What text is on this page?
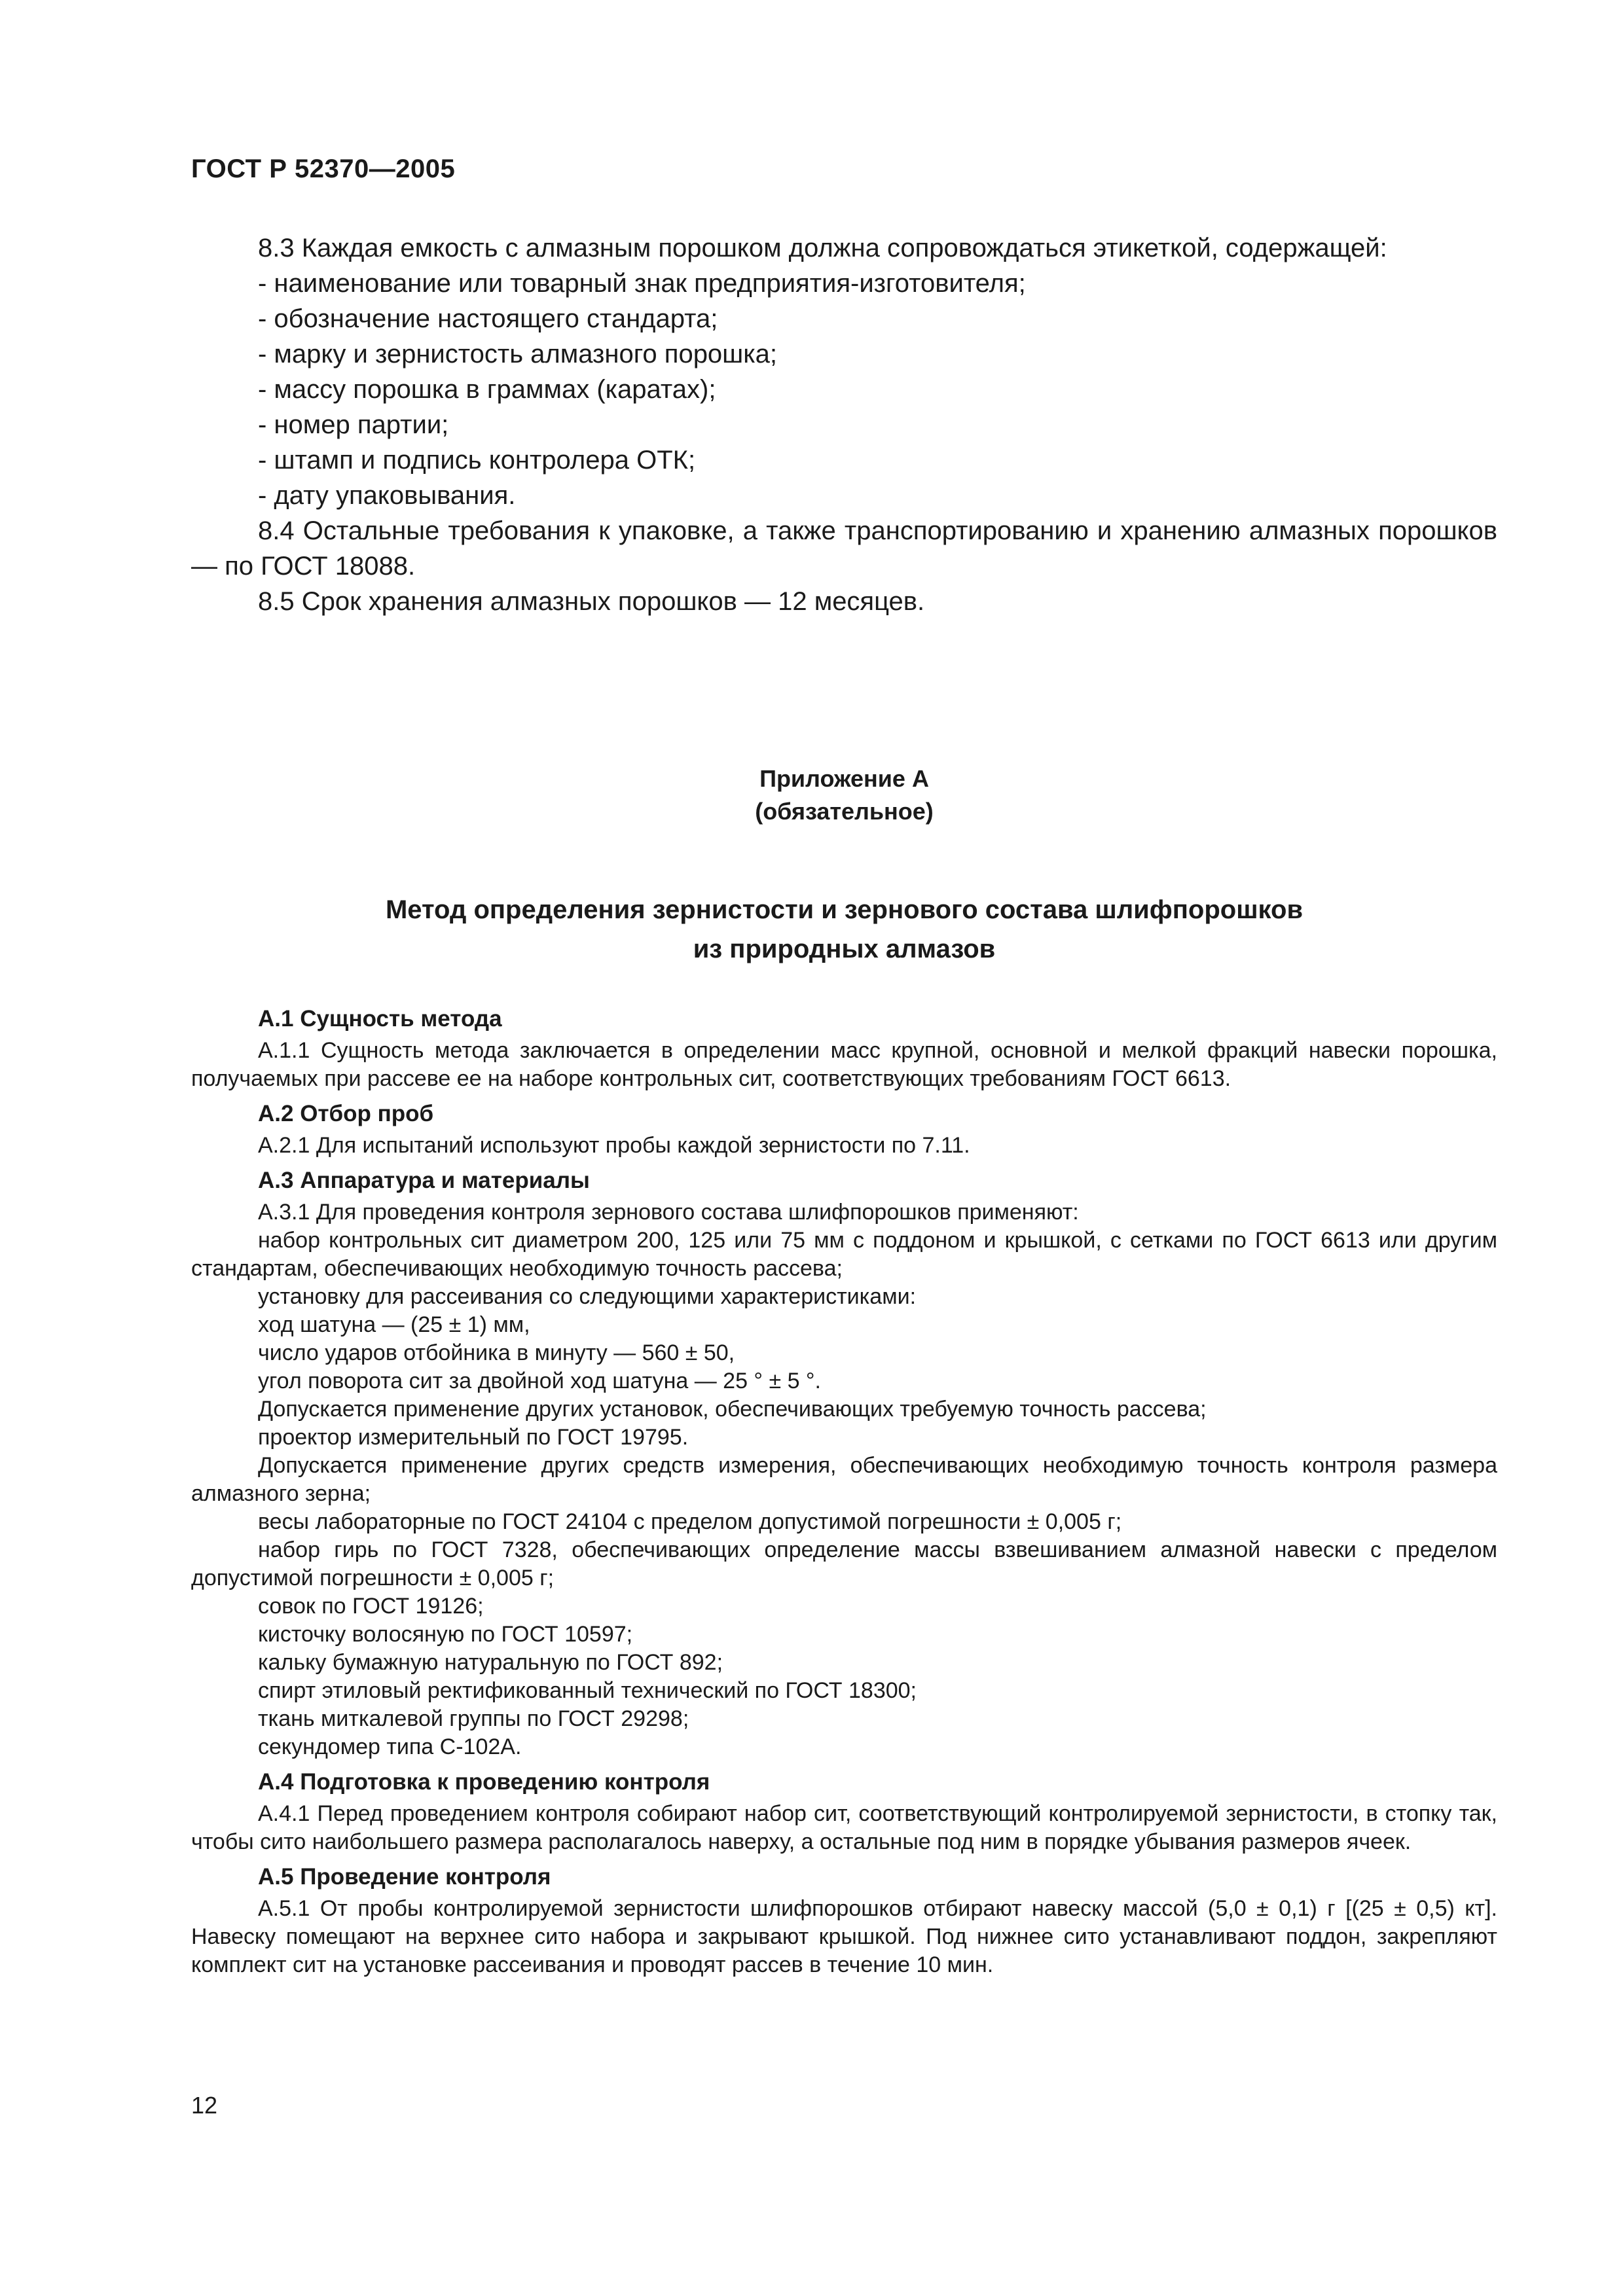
ГОСТ Р 52370—2005

8.3 Каждая емкость с алмазным порошком должна сопровождаться этикеткой, содержащей:

- наименование или товарный знак предприятия-изготовителя;

- обозначение настоящего стандарта;

- марку и зернистость алмазного порошка;

- массу порошка в граммах (каратах);

- номер партии;

- штамп и подпись контролера ОТК;

- дату упаковывания.

8.4 Остальные требования к упаковке, а также транспортированию и хранению алмазных порошков — по ГОСТ 18088.

8.5 Срок хранения алмазных порошков — 12 месяцев.

Приложение А
(обязательное)
Метод определения зернистости и зернового состава шлифпорошков
из природных алмазов

А.1 Сущность метода

А.1.1 Сущность метода заключается в определении масс крупной, основной и мелкой фракций навески порошка, получаемых при рассеве ее на наборе контрольных сит, соответствующих требованиям ГОСТ 6613.

А.2 Отбор проб

А.2.1 Для испытаний используют пробы каждой зернистости по 7.11.

А.3 Аппаратура и материалы

А.3.1 Для проведения контроля зернового состава шлифпорошков применяют:

набор контрольных сит диаметром 200, 125 или 75 мм с поддоном и крышкой, с сетками по ГОСТ 6613 или другим стандартам, обеспечивающих необходимую точность рассева;

установку для рассеивания со следующими характеристиками:

ход шатуна — (25 ± 1) мм,

число ударов отбойника в минуту — 560 ± 50,

угол поворота сит за двойной ход шатуна — 25 ° ± 5 °.

Допускается применение других установок, обеспечивающих требуемую точность рассева;

проектор измерительный по ГОСТ 19795.

Допускается применение других средств измерения, обеспечивающих необходимую точность контроля размера алмазного зерна;

весы лабораторные по ГОСТ 24104 с пределом допустимой погрешности ± 0,005 г;

набор гирь по ГОСТ 7328, обеспечивающих определение массы взвешиванием алмазной навески с пределом допустимой погрешности ± 0,005 г;

совок по ГОСТ 19126;

кисточку волосяную по ГОСТ 10597;

кальку бумажную натуральную по ГОСТ 892;

спирт этиловый ректификованный технический по ГОСТ 18300;

ткань миткалевой группы по ГОСТ 29298;

секундомер типа С-102А.

А.4 Подготовка к проведению контроля

А.4.1 Перед проведением контроля собирают набор сит, соответствующий контролируемой зернистости, в стопку так, чтобы сито наибольшего размера располагалось наверху, а остальные под ним в порядке убывания размеров ячеек.

А.5 Проведение контроля

А.5.1 От пробы контролируемой зернистости шлифпорошков отбирают навеску массой (5,0 ± 0,1) г [(25 ± 0,5) кт]. Навеску помещают на верхнее сито набора и закрывают крышкой. Под нижнее сито устанавливают поддон, закрепляют комплект сит на установке рассеивания и проводят рассев в течение 10 мин.

12
